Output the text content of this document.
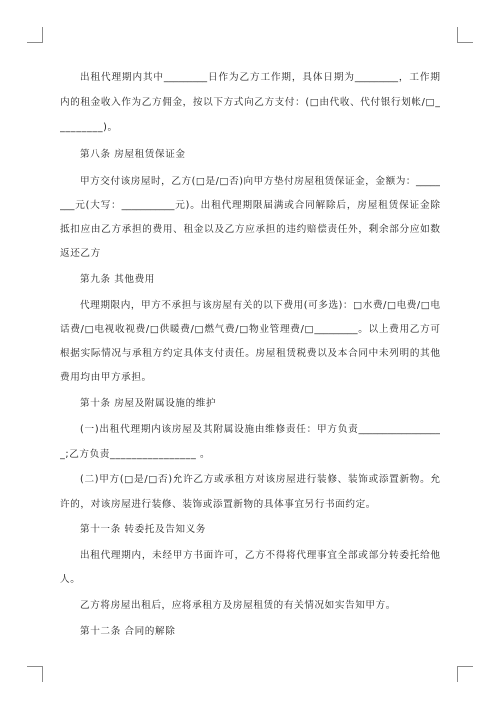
出租代理期内其中_________日作为乙方工作期，具体日期为_________，工作期
内的租金收入作为乙方佣金，按以下方式向乙方支付：(□由代收、代付银行划帐/□_
________)。
第八条 房屋租赁保证金
甲方交付该房屋时，乙方(□是/□否)向甲方垫付房屋租赁保证金，金额为：_____
___元(大写：___________元)。出租代理期限届满或合同解除后，房屋租赁保证金除
抵扣应由乙方承担的费用、租金以及乙方应承担的违约赔偿责任外，剩余部分应如数
返还乙方
第九条 其他费用
代理期限内，甲方不承担与该房屋有关的以下费用(可多选)：□水费/□电费/□电
话费/□电视收视费/□供暖费/□燃气费/□物业管理费/□_________。以上费用乙方可
根据实际情况与承租方约定具体支付责任。房屋租赁税费以及本合同中未列明的其他
费用均由甲方承担。
第十条 房屋及附属设施的维护
(一)出租代理期内该房屋及其附属设施由维修责任：甲方负责_________________
_;乙方负责________________ 。
(二)甲方(□是/□否)允许乙方或承租方对该房屋进行装修、装饰或添置新物。允
许的，对该房屋进行装修、装饰或添置新物的具体事宜另行书面约定。
第十一条 转委托及告知义务
出租代理期内，未经甲方书面许可，乙方不得将代理事宜全部或部分转委托给他
人。
乙方将房屋出租后，应将承租方及房屋租赁的有关情况如实告知甲方。
第十二条 合同的解除
